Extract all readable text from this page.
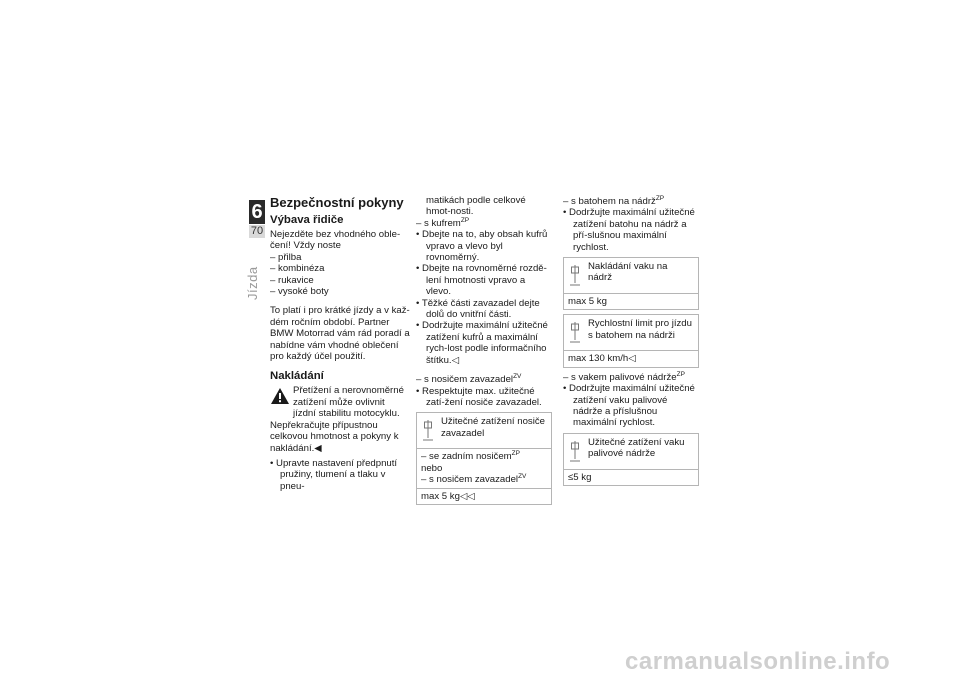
6
70
Jízda
Bezpečnostní pokyny
Výbava řidiče

Nejezděte bez vhodného oble-čení! Vždy noste

– přilba

– kombinéza

– rukavice

– vysoké boty

To platí i pro krátké jízdy a v kaž-dém ročním období. Partner BMW Motorrad vám rád poradí a nabídne vám vhodné oblečení pro každý účel použití.

Nakládání

Přetížení a nerovnoměrné zatížení může ovlivnit jízdní stabilitu motocyklu.

Nepřekračujte přípustnou celkovou hmotnost a pokyny k nakládání.◀

• Upravte nastavení předpnutí pružiny, tlumení a tlaku v pneu-

matikách podle celkové hmot-nosti.

– s kufrem$^{ZP}$

• Dbejte na to, aby obsah kufrů vpravo a vlevo byl rovnoměrný.

• Dbejte na rovnoměrné rozdě-lení hmotnosti vpravo a vlevo.

• Těžké části zavazadel dejte dolů do vnitřní části.

• Dodržujte maximální užitečné zatížení kufrů a maximální rych-lost podle informačního štítku.◁

– s nosičem zavazadel$^{ZV}$

• Respektujte max. užitečné zatí-žení nosiče zavazadel.

Užitečné zatížení nosiče zavazadel

– se zadním nosičem$^{ZP}$

nebo

– s nosičem zavazadel$^{ZV}$

max 5 kg◁◁

– s batohem na nádrž$^{ZP}$

• Dodržujte maximální užitečné zatížení batohu na nádrž a pří-slušnou maximální rychlost.

Nakládání vaku na nádrž
max 5 kg
Rychlostní limit pro jízdu s batohem na nádrži
max 130 km/h◁

– s vakem palivové nádrže$^{ZP}$

• Dodržujte maximální užitečné zatížení vaku palivové nádrže a příslušnou maximální rychlost.

Užitečné zatížení vaku palivové nádrže
≤5 kg
carmanualsonline.info
